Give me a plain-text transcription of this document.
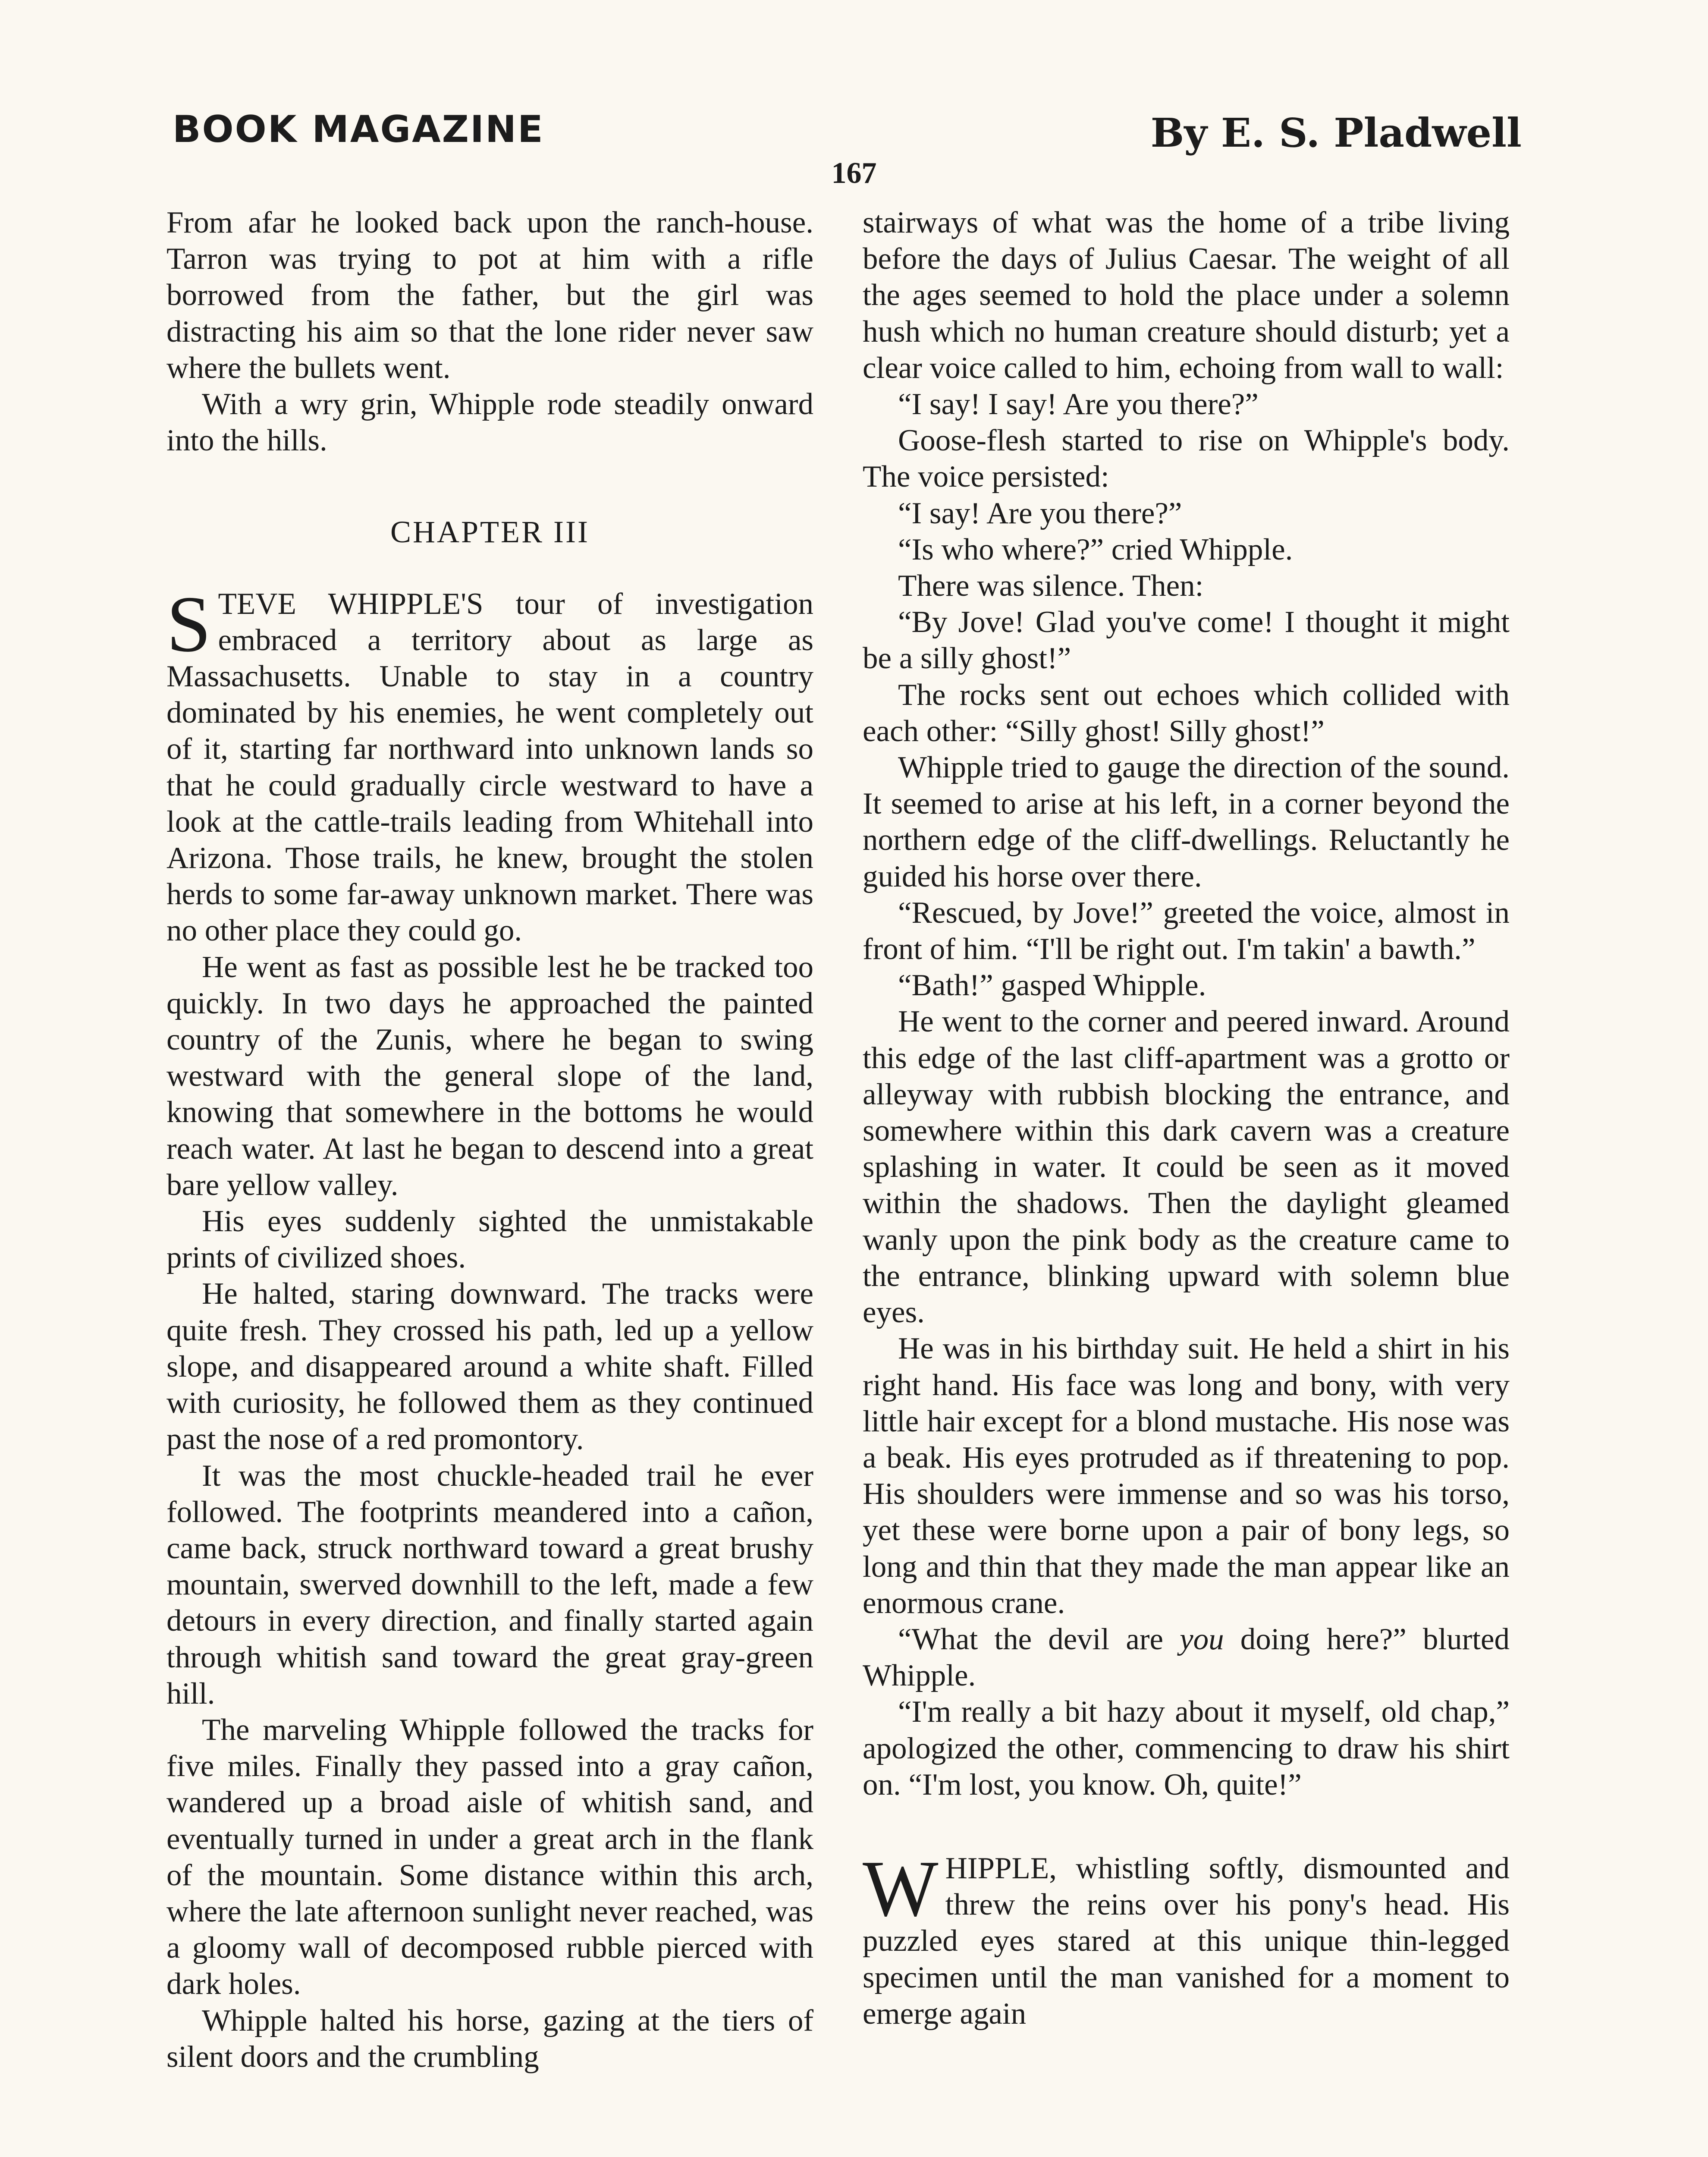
BOOK MAGAZINE	By E. S. Pladwell
167

From afar he looked back upon the ranch-house. Tarron was trying to pot at him with a rifle borrowed from the father, but the girl was distracting his aim so that the lone rider never saw where the bullets went.

With a wry grin, Whipple rode steadily onward into the hills.

CHAPTER III

STEVE WHIPPLE'S tour of investigation embraced a territory about as large as Massachusetts. Unable to stay in a country dominated by his enemies, he went completely out of it, starting far northward into unknown lands so that he could gradually circle westward to have a look at the cattle-trails leading from Whitehall into Arizona. Those trails, he knew, brought the stolen herds to some far-away unknown market. There was no other place they could go.

He went as fast as possible lest he be tracked too quickly. In two days he approached the painted country of the Zunis, where he began to swing westward with the general slope of the land, knowing that somewhere in the bottoms he would reach water. At last he began to descend into a great bare yellow valley.

His eyes suddenly sighted the unmistakable prints of civilized shoes.

He halted, staring downward. The tracks were quite fresh. They crossed his path, led up a yellow slope, and disappeared around a white shaft. Filled with curiosity, he followed them as they continued past the nose of a red promontory.

It was the most chuckle-headed trail he ever followed. The footprints meandered into a cañon, came back, struck northward toward a great brushy mountain, swerved downhill to the left, made a few detours in every direction, and finally started again through whitish sand toward the great gray-green hill.

The marveling Whipple followed the tracks for five miles. Finally they passed into a gray cañon, wandered up a broad aisle of whitish sand, and eventually turned in under a great arch in the flank of the mountain. Some distance within this arch, where the late afternoon sunlight never reached, was a gloomy wall of decomposed rubble pierced with dark holes.

Whipple halted his horse, gazing at the tiers of silent doors and the crumbling

stairways of what was the home of a tribe living before the days of Julius Caesar. The weight of all the ages seemed to hold the place under a solemn hush which no human creature should disturb; yet a clear voice called to him, echoing from wall to wall:

“I say! I say! Are you there?”

Goose-flesh started to rise on Whipple's body. The voice persisted:

“I say! Are you there?”

“Is who where?” cried Whipple.

There was silence. Then:

“By Jove! Glad you've come! I thought it might be a silly ghost!”

The rocks sent out echoes which collided with each other: “Silly ghost! Silly ghost!”

Whipple tried to gauge the direction of the sound. It seemed to arise at his left, in a corner beyond the northern edge of the cliff-dwellings. Reluctantly he guided his horse over there.

“Rescued, by Jove!” greeted the voice, almost in front of him. “I'll be right out. I'm takin' a bawth.”

“Bath!” gasped Whipple.

He went to the corner and peered inward. Around this edge of the last cliff-apartment was a grotto or alleyway with rubbish blocking the entrance, and somewhere within this dark cavern was a creature splashing in water. It could be seen as it moved within the shadows. Then the daylight gleamed wanly upon the pink body as the creature came to the entrance, blinking upward with solemn blue eyes.

He was in his birthday suit. He held a shirt in his right hand. His face was long and bony, with very little hair except for a blond mustache. His nose was a beak. His eyes protruded as if threatening to pop. His shoulders were immense and so was his torso, yet these were borne upon a pair of bony legs, so long and thin that they made the man appear like an enormous crane.

“What the devil are you doing here?” blurted Whipple.

“I'm really a bit hazy about it myself, old chap,” apologized the other, commencing to draw his shirt on. “I'm lost, you know. Oh, quite!”

WHIPPLE, whistling softly, dismounted and threw the reins over his pony's head. His puzzled eyes stared at this unique thin-legged specimen until the man vanished for a moment to emerge again
